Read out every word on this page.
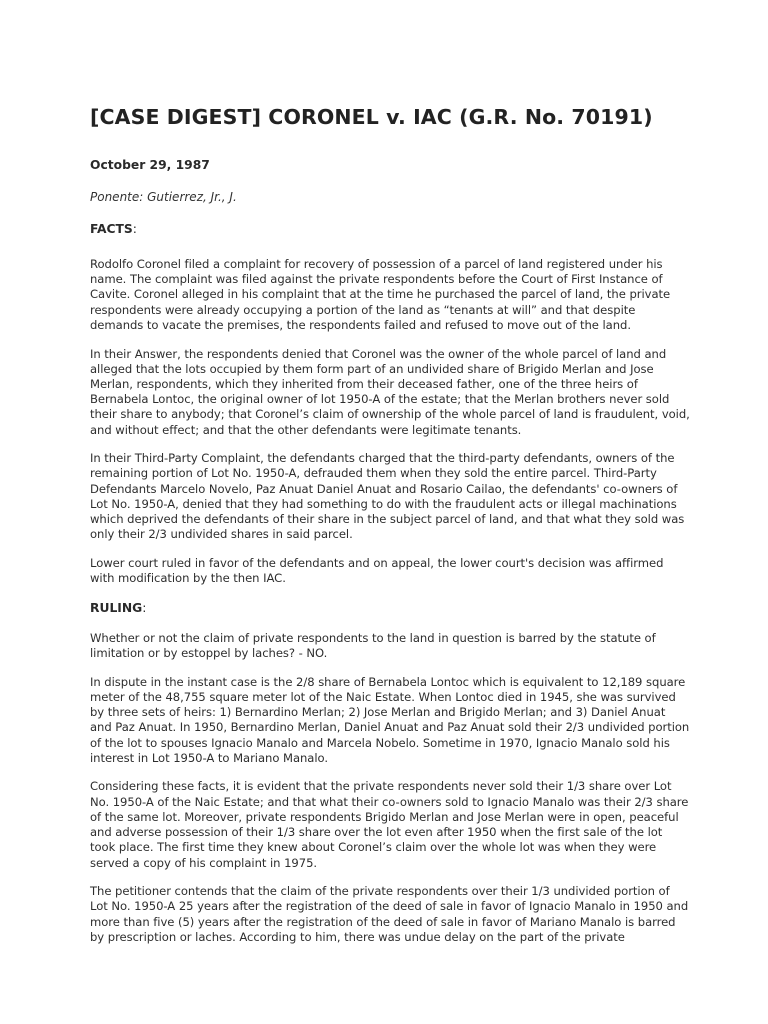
[CASE DIGEST] CORONEL v. IAC (G.R. No. 70191)
October 29, 1987
Ponente: Gutierrez, Jr., J.
FACTS:

Rodolfo Coronel filed a complaint for recovery of possession of a parcel of land registered under his name. The complaint was filed against the private respondents before the Court of First Instance of Cavite. Coronel alleged in his complaint that at the time he purchased the parcel of land, the private respondents were already occupying a portion of the land as “tenants at will” and that despite demands to vacate the premises, the respondents failed and refused to move out of the land.

In their Answer, the respondents denied that Coronel was the owner of the whole parcel of land and alleged that the lots occupied by them form part of an undivided share of Brigido Merlan and Jose Merlan, respondents, which they inherited from their deceased father, one of the three heirs of Bernabela Lontoc, the original owner of lot 1950-A of the estate; that the Merlan brothers never sold their share to anybody; that Coronel’s claim of ownership of the whole parcel of land is fraudulent, void, and without effect; and that the other defendants were legitimate tenants.

In their Third-Party Complaint, the defendants charged that the third-party defendants, owners of the remaining portion of Lot No. 1950-A, defrauded them when they sold the entire parcel. Third-Party Defendants Marcelo Novelo, Paz Anuat Daniel Anuat and Rosario Cailao, the defendants' co-owners of Lot No. 1950-A, denied that they had something to do with the fraudulent acts or illegal machinations which deprived the defendants of their share in the subject parcel of land, and that what they sold was only their 2/3 undivided shares in said parcel.

Lower court ruled in favor of the defendants and on appeal, the lower court's decision was affirmed with modification by the then IAC.

RULING:

Whether or not the claim of private respondents to the land in question is barred by the statute of limitation or by estoppel by laches? - NO.

In dispute in the instant case is the 2/8 share of Bernabela Lontoc which is equivalent to 12,189 square meter of the 48,755 square meter lot of the Naic Estate. When Lontoc died in 1945, she was survived by three sets of heirs: 1) Bernardino Merlan; 2) Jose Merlan and Brigido Merlan; and 3) Daniel Anuat and Paz Anuat. In 1950, Bernardino Merlan, Daniel Anuat and Paz Anuat sold their 2/3 undivided portion of the lot to spouses Ignacio Manalo and Marcela Nobelo. Sometime in 1970, Ignacio Manalo sold his interest in Lot 1950-A to Mariano Manalo.

Considering these facts, it is evident that the private respondents never sold their 1/3 share over Lot No. 1950-A of the Naic Estate; and that what their co-owners sold to Ignacio Manalo was their 2/3 share of the same lot. Moreover, private respondents Brigido Merlan and Jose Merlan were in open, peaceful and adverse possession of their 1/3 share over the lot even after 1950 when the first sale of the lot took place. The first time they knew about Coronel’s claim over the whole lot was when they were served a copy of his complaint in 1975.

The petitioner contends that the claim of the private respondents over their 1/3 undivided portion of Lot No. 1950-A 25 years after the registration of the deed of sale in favor of Ignacio Manalo in 1950 and more than five (5) years after the registration of the deed of sale in favor of Mariano Manalo is barred by prescription or laches. According to him, there was undue delay on the part of the private
